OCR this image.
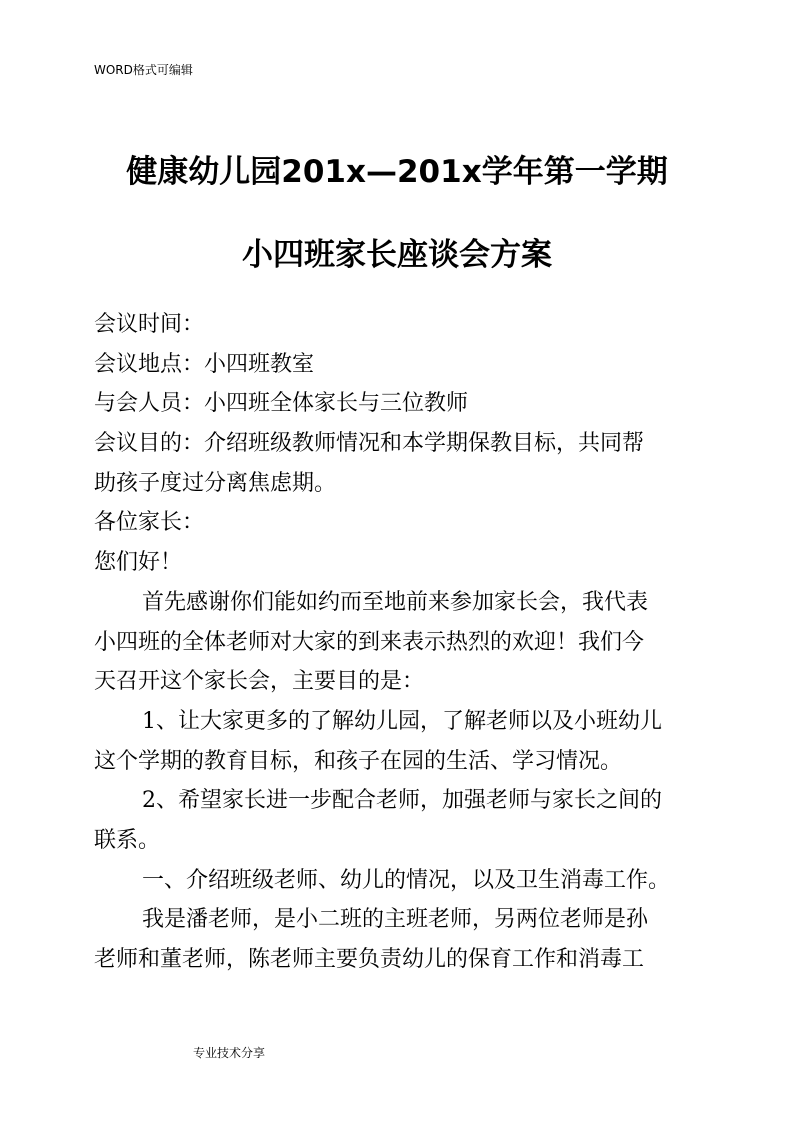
WORD格式可编辑
健康幼儿园201x—201x学年第一学期
小四班家长座谈会方案
会议时间：
会议地点：小四班教室
与会人员：小四班全体家长与三位教师
会议目的：介绍班级教师情况和本学期保教目标，共同帮
助孩子度过分离焦虑期。
各位家长：
您们好！
首先感谢你们能如约而至地前来参加家长会，我代表
小四班的全体老师对大家的到来表示热烈的欢迎！我们今
天召开这个家长会，主要目的是：
1、让大家更多的了解幼儿园，了解老师以及小班幼儿
这个学期的教育目标，和孩子在园的生活、学习情况。
2、希望家长进一步配合老师，加强老师与家长之间的
联系。
一、介绍班级老师、幼儿的情况，以及卫生消毒工作。
我是潘老师，是小二班的主班老师，另两位老师是孙
老师和董老师，陈老师主要负责幼儿的保育工作和消毒工
专业技术分享
